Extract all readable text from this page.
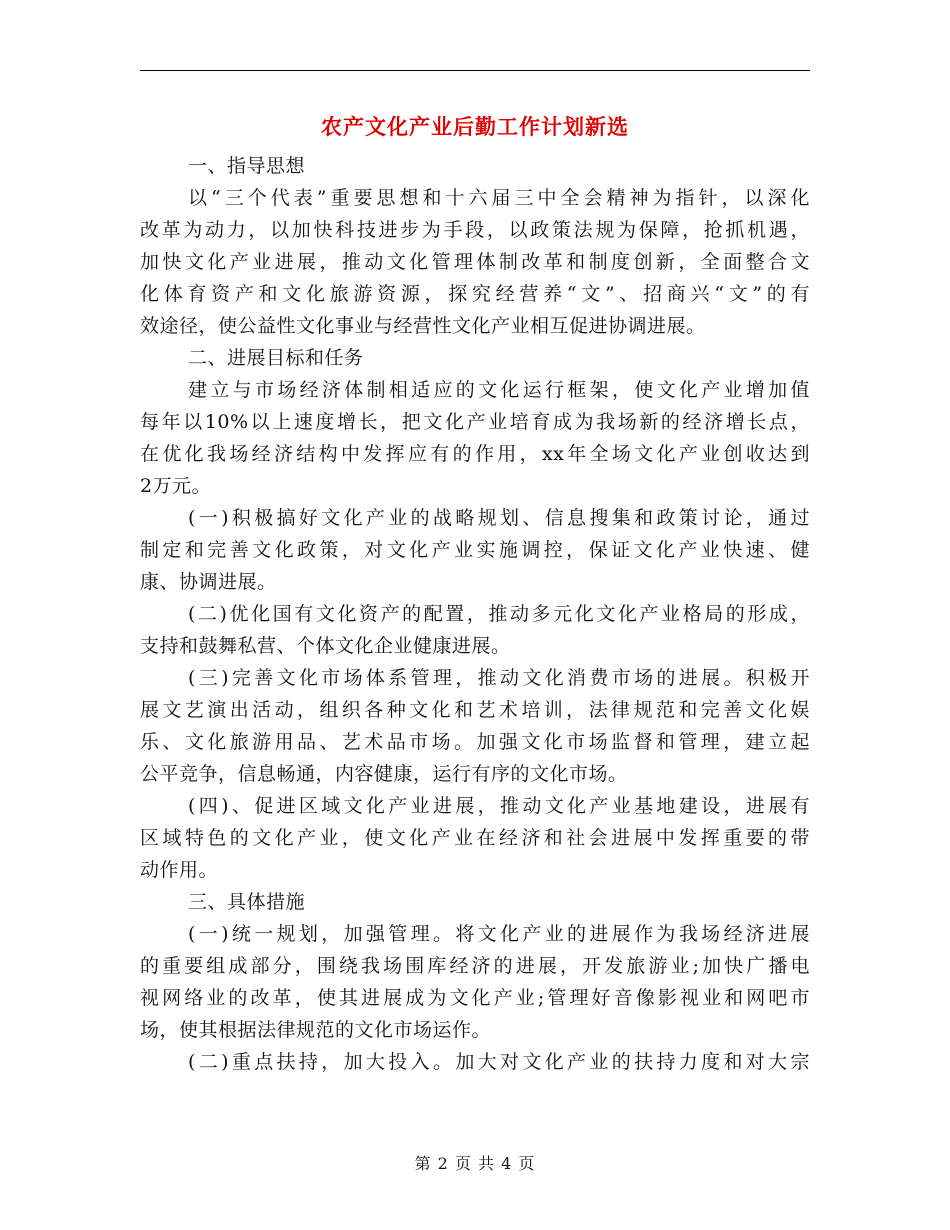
农产文化产业后勤工作计划新选
一、指导思想
以“三个代表”重要思想和十六届三中全会精神为指针，以深化
改革为动力，以加快科技进步为手段，以政策法规为保障，抢抓机遇，
加快文化产业进展，推动文化管理体制改革和制度创新，全面整合文
化体育资产和文化旅游资源，探究经营养“文”、招商兴“文”的有
效途径，使公益性文化事业与经营性文化产业相互促进协调进展。
二、进展目标和任务
建立与市场经济体制相适应的文化运行框架，使文化产业增加值
每年以10%以上速度增长，把文化产业培育成为我场新的经济增长点，
在优化我场经济结构中发挥应有的作用，xx年全场文化产业创收达到
2万元。
(一)积极搞好文化产业的战略规划、信息搜集和政策讨论，通过
制定和完善文化政策，对文化产业实施调控，保证文化产业快速、健
康、协调进展。
(二)优化国有文化资产的配置，推动多元化文化产业格局的形成，
支持和鼓舞私营、个体文化企业健康进展。
(三)完善文化市场体系管理，推动文化消费市场的进展。积极开
展文艺演出活动，组织各种文化和艺术培训，法律规范和完善文化娱
乐、文化旅游用品、艺术品市场。加强文化市场监督和管理，建立起
公平竞争，信息畅通，内容健康，运行有序的文化市场。
(四)、促进区域文化产业进展，推动文化产业基地建设，进展有
区域特色的文化产业，使文化产业在经济和社会进展中发挥重要的带
动作用。
三、具体措施
(一)统一规划，加强管理。将文化产业的进展作为我场经济进展
的重要组成部分，围绕我场围库经济的进展，开发旅游业;加快广播电
视网络业的改革，使其进展成为文化产业;管理好音像影视业和网吧市
场，使其根据法律规范的文化市场运作。
(二)重点扶持，加大投入。加大对文化产业的扶持力度和对大宗
第 2 页 共 4 页
